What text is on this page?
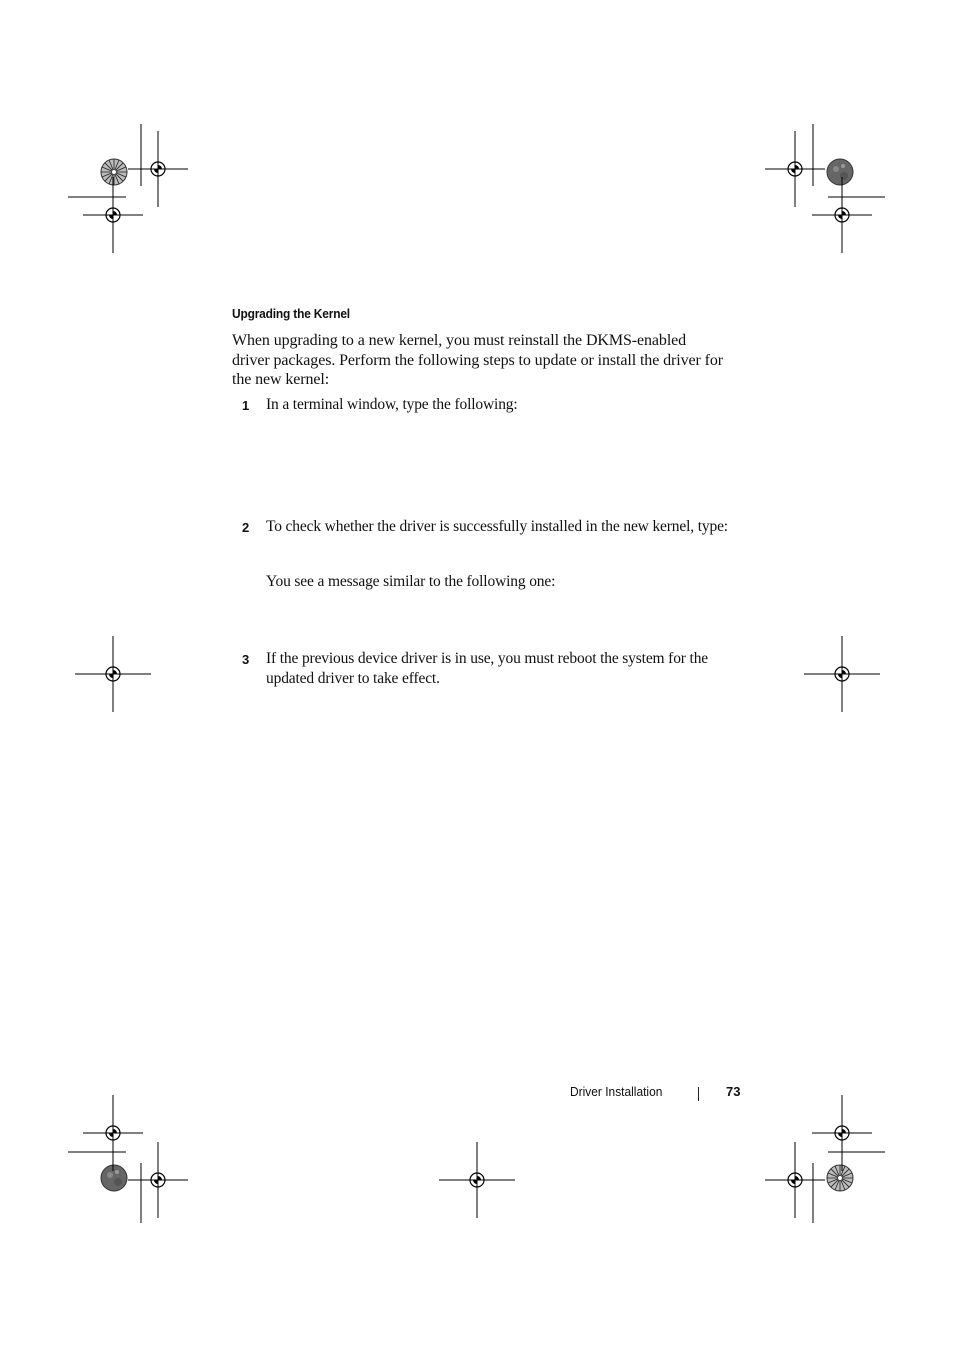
Upgrading the Kernel
When upgrading to a new kernel, you must reinstall the DKMS-enabled
driver packages. Perform the following steps to update or install the driver for
the new kernel:
1 In a terminal window, type the following:
2 To check whether the driver is successfully installed in the new kernel, type:
You see a message similar to the following one:
3 If the previous device driver is in use, you must reboot the system for the
updated driver to take effect.
Driver Installation	73
